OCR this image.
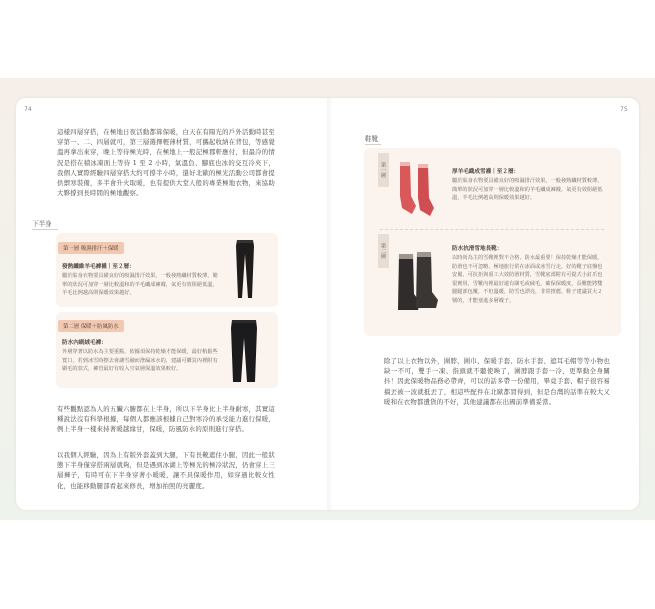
74
這樣四層穿搭，在極地日夜活動都算保暖，白天在有陽光的戶外活動時甚至穿第一、二、四層就可，第三層選擇輕薄材質，可攜起收納在背包，等感覺溫再拿出來穿，晚上等待極光時，在極地上一般記極郡軒應付，但最冷的情況是搭在積冰凍面上等待 1 至 2 小時，氣溫負、腳底也冰的交互冷夾下，我個人實際經驗四層穿搭大約可撐半小時，還好北歐的極光活動公司都會提供禦寒裝備，多半會升火取暖，也有提供大堂人般的專業極地衣物，來協助大夥撐到長時間的極地觀察。
下半身
第一層 吸濕排汗＋保暖
發熱纖維羊毛褲襪｜至２層：
屬於貼身衣物要具備良好的吸濕排汗效果，一般發熱纖材質較薄，簡單的狀況可加穿一層比較溫和的羊毛纖成褲襪，氣更有效阻絕低溫，羊毛比例越高則保暖效果越好。
第二層 保暖＋防風防水
防水內刷絨毛褲：
外層穿著以防水為主要重點，依據須保持乾燥才能保暖，最好稍鬆些寬口，若到冰雪時擦去會讓雪融而滲漏冰水的，建議可購買內裡附有刷毛的款式，褲管最好有收入空氣層保溫效果較好。
有些觀點認為人的五臟六腑都在上半身，所以下半身比上半身耐寒，其實這種說法沒有科學根據，每個人都應該根據自己對寒冷的承受能力進行保暖，例上半身一樣來持著暖越緣甘，保暖，防風防水的原則進行穿搭。
以我個人經驗，因為上有版外套蓋到大腿，下有長靴遮住小腿，因此一般狀態下半身僅穿搭兩層就夠，但是遇到冰湖上等極光的極冷狀況，仍會穿上三層褲子，有時可在下半身穿著小暖暖，讓不具保暖作用，如穿過比較女性化，也能移動腿部看起來修長，增加拍照的亮麗度。
75
鞋靴
第一層	厚羊毛織成雪襪｜至２層：
屬於貼身衣物要具備良好的吸濕排汗效果，一般發熱纖材質較薄，簡單的狀況可加穿一層比較溫和的羊毛纖成褲襪，氣更有效阻絕低溫，羊毛比例越高則保暖效果越好。
第二層	防水抗滑雪地長靴：
以時尚為主的雪靴裡對不合格，防水最重要！保持乾燥才能保暖，防滑也不可忽略，極地旅行常在冰面或冰雪行走，好的靴子底盤也安備，可抗拒與重工大效防滑材質，雪靴底部附有可提式小釘爪也很實用，雪靴內裡最好還有刷毛或絨毛，確保保暖度，長靴能將雙腿腿部包覆，不但溫暖，防雪也漂亮，非常推薦，鞋子建議買大２號的，才能塞進多層襪子。
除了以上衣物以外，圍脖、圍巾、保暖手套、防水手套、遮耳毛帽等等小物也缺一不可，雙手一凍、指頭就不聽使喚了，圍脖跟手套一冷，更準動全身關抖！因此保暖物品務必帶齊，可以的話多帶一份備用，畢竟手套、帽子很容易搞丟被一波就抵丟了，相這些配件在北歐都買得到，但是台灣的話準在較大又暖和在衣物都遺貨的不好，其他建議都在出國前準備妥當。
